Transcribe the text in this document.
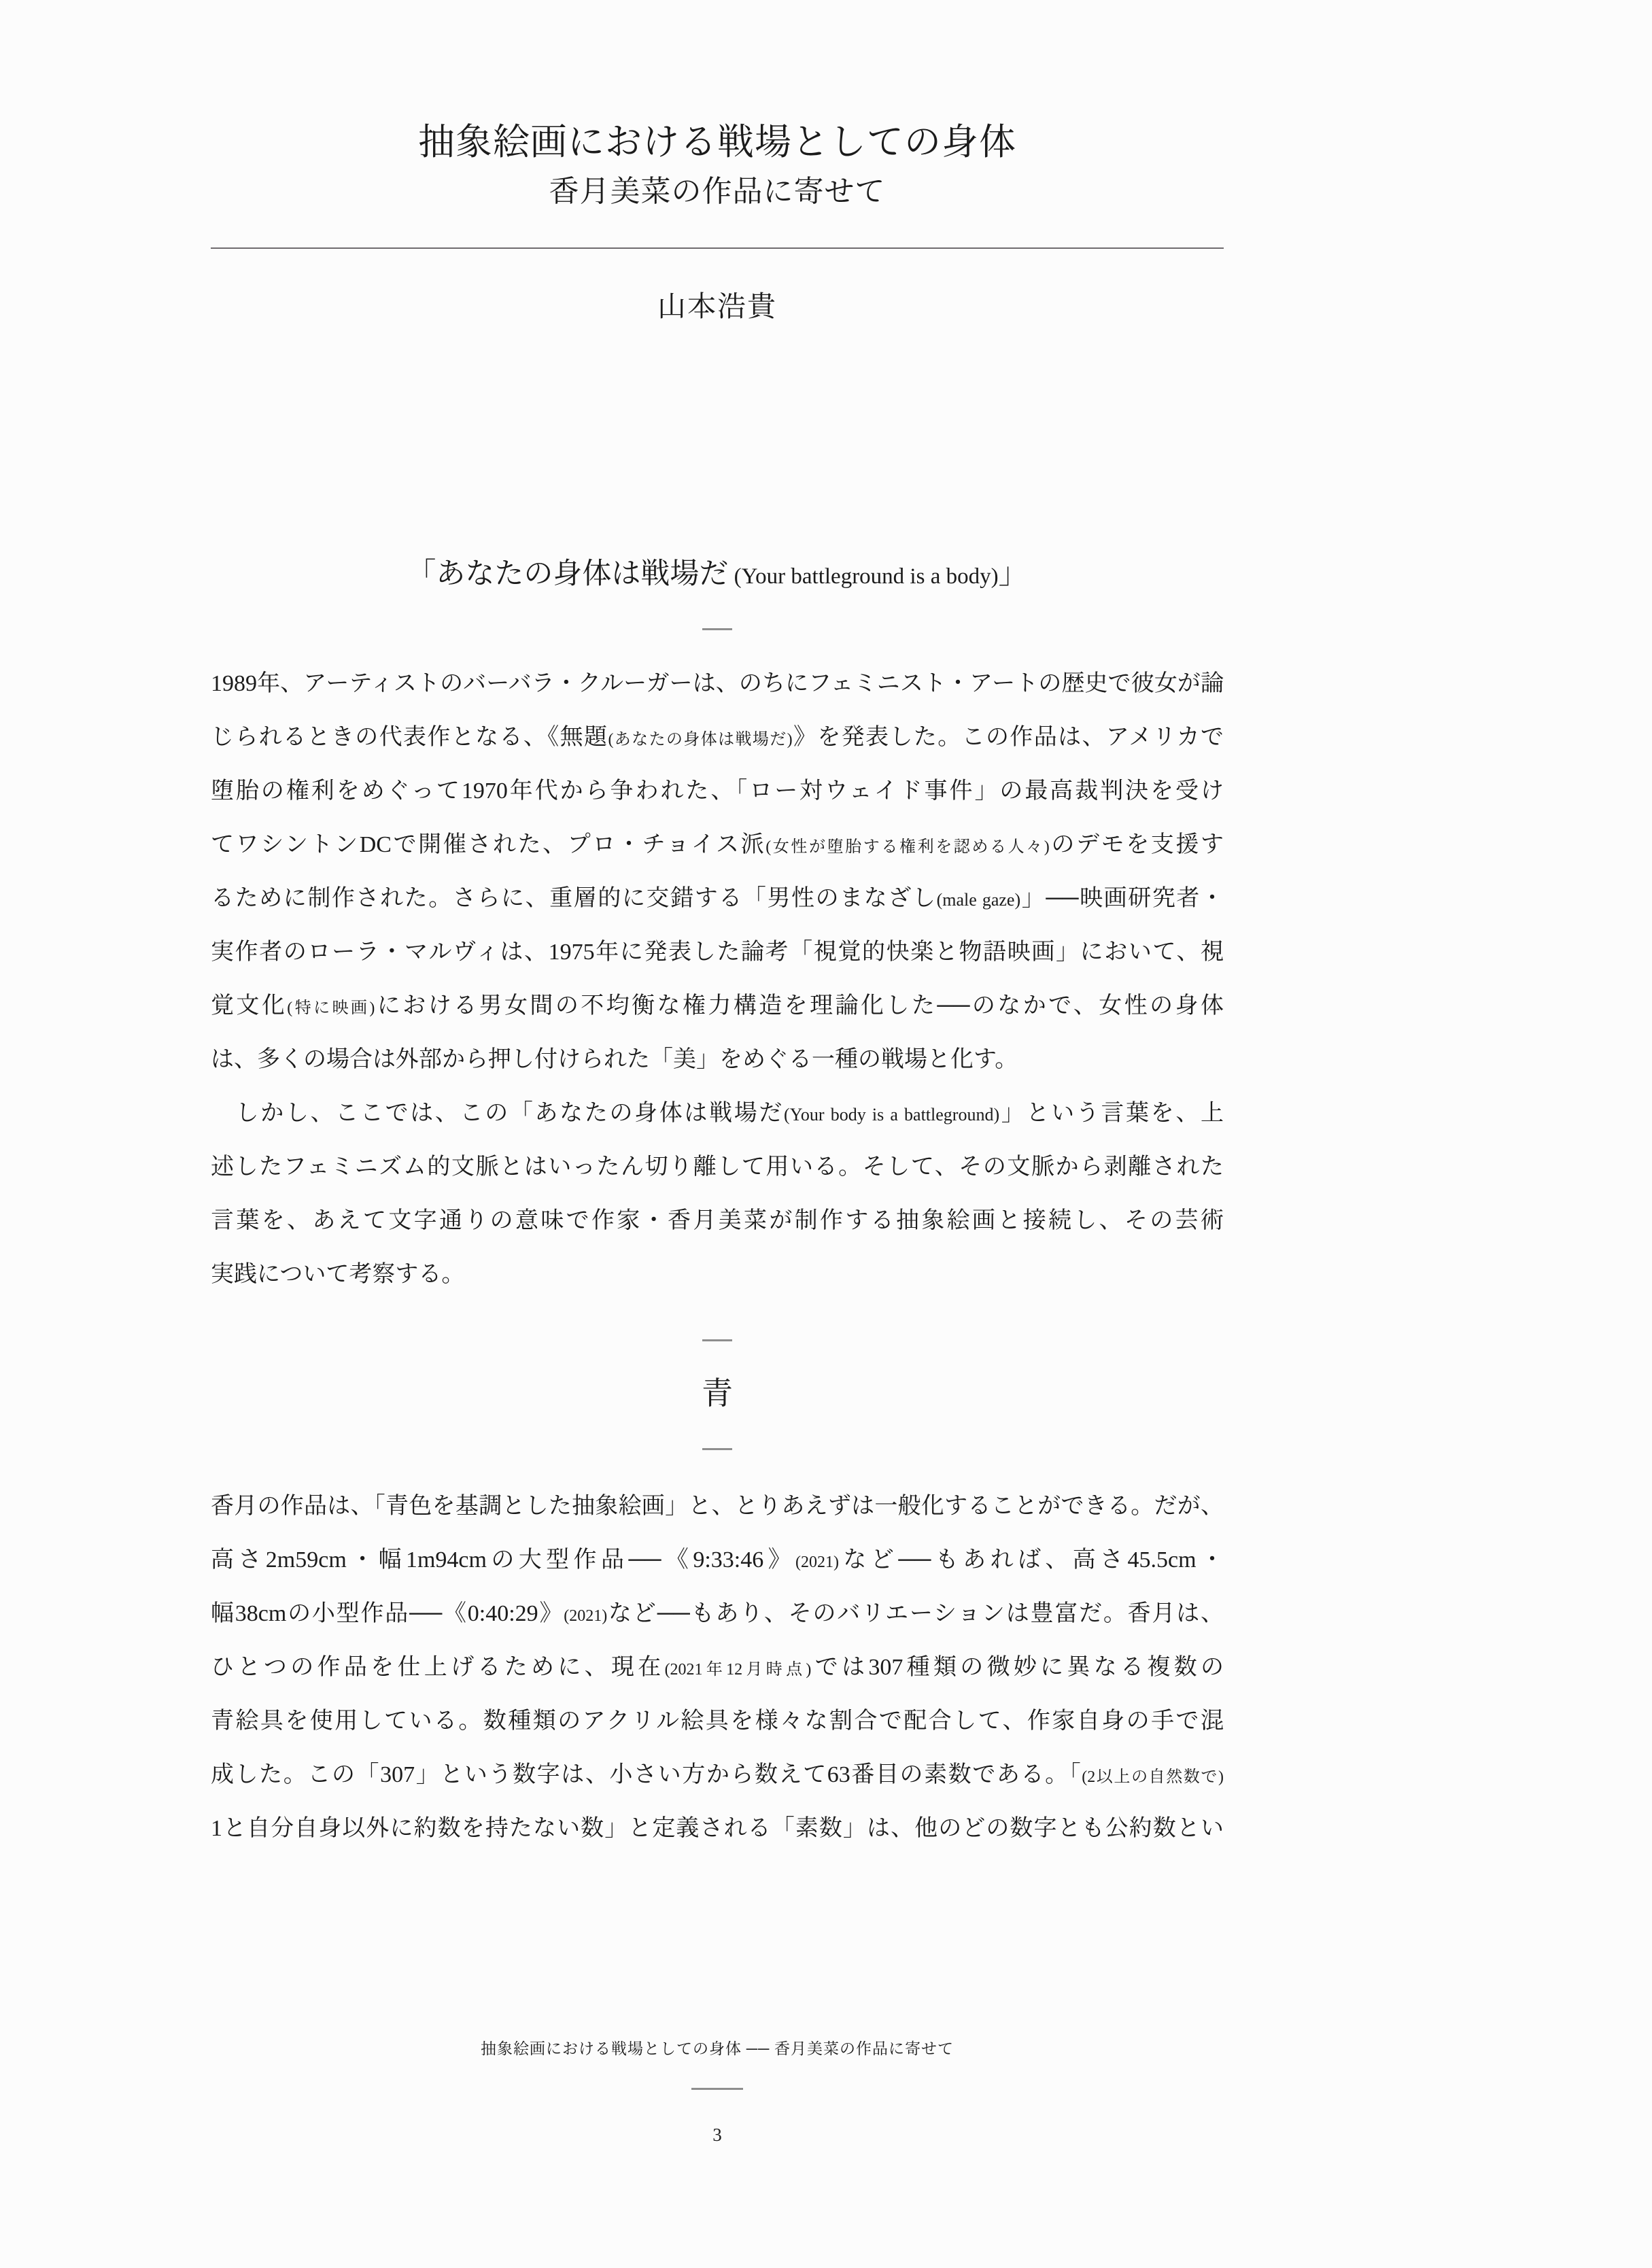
抽象絵画における戦場としての身体
香月美菜の作品に寄せて
山本浩貴
「あなたの身体は戦場だ (Your battleground is a body)」
1989年、アーティストのバーバラ・クルーガーは、のちにフェミニスト・アートの歴史で彼女が論
じられるときの代表作となる、《無題(あなたの身体は戦場だ)》を発表した。この作品は、アメリカで
堕胎の権利をめぐって1970年代から争われた、「ロー対ウェイド事件」の最高裁判決を受け
てワシントンDCで開催された、プロ・チョイス派(女性が堕胎する権利を認める人々)のデモを支援す
るために制作された。さらに、重層的に交錯する「男性のまなざし(male gaze)」──映画研究者・
実作者のローラ・マルヴィは、1975年に発表した論考「視覚的快楽と物語映画」において、視
覚文化(特に映画)における男女間の不均衡な権力構造を理論化した──のなかで、女性の身体
は、多くの場合は外部から押し付けられた「美」をめぐる一種の戦場と化す。
　しかし、ここでは、この「あなたの身体は戦場だ(Your body is a battleground)」という言葉を、上
述したフェミニズム的文脈とはいったん切り離して用いる。そして、その文脈から剥離された
言葉を、あえて文字通りの意味で作家・香月美菜が制作する抽象絵画と接続し、その芸術
実践について考察する。
青
香月の作品は、「青色を基調とした抽象絵画」と、とりあえずは一般化することができる。だが、
高さ2m59cm・幅1m94cmの大型作品──《9:33:46》(2021)など──もあれば、高さ45.5cm・
幅38cmの小型作品──《0:40:29》(2021)など──もあり、そのバリエーションは豊富だ。香月は、
ひとつの作品を仕上げるために、現在(2021年12月時点)では307種類の微妙に異なる複数の
青絵具を使用している。数種類のアクリル絵具を様々な割合で配合して、作家自身の手で混
成した。この「307」という数字は、小さい方から数えて63番目の素数である。「(2以上の自然数で)
1と自分自身以外に約数を持たない数」と定義される「素数」は、他のどの数字とも公約数とい
抽象絵画における戦場としての身体 ── 香月美菜の作品に寄せて
3
